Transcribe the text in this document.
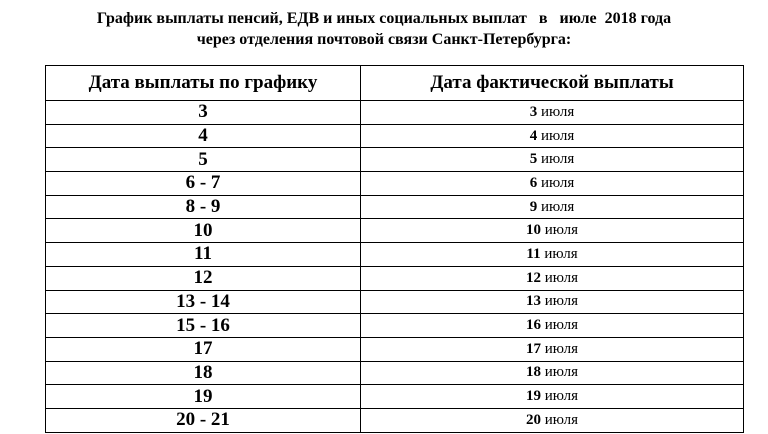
График выплаты пенсий, ЕДВ и иных социальных выплат   в   июле  2018 года
через отделения почтовой связи Санкт-Петербурга:
Дата выплаты по графику	Дата фактической выплаты
3	3 июля
4	4 июля
5	5 июля
6 - 7	6 июля
8 - 9	9 июля
10	10 июля
11	11 июля
12	12 июля
13 - 14	13 июля
15 - 16	16 июля
17	17 июля
18	18 июля
19	19 июля
20 - 21	20 июля
